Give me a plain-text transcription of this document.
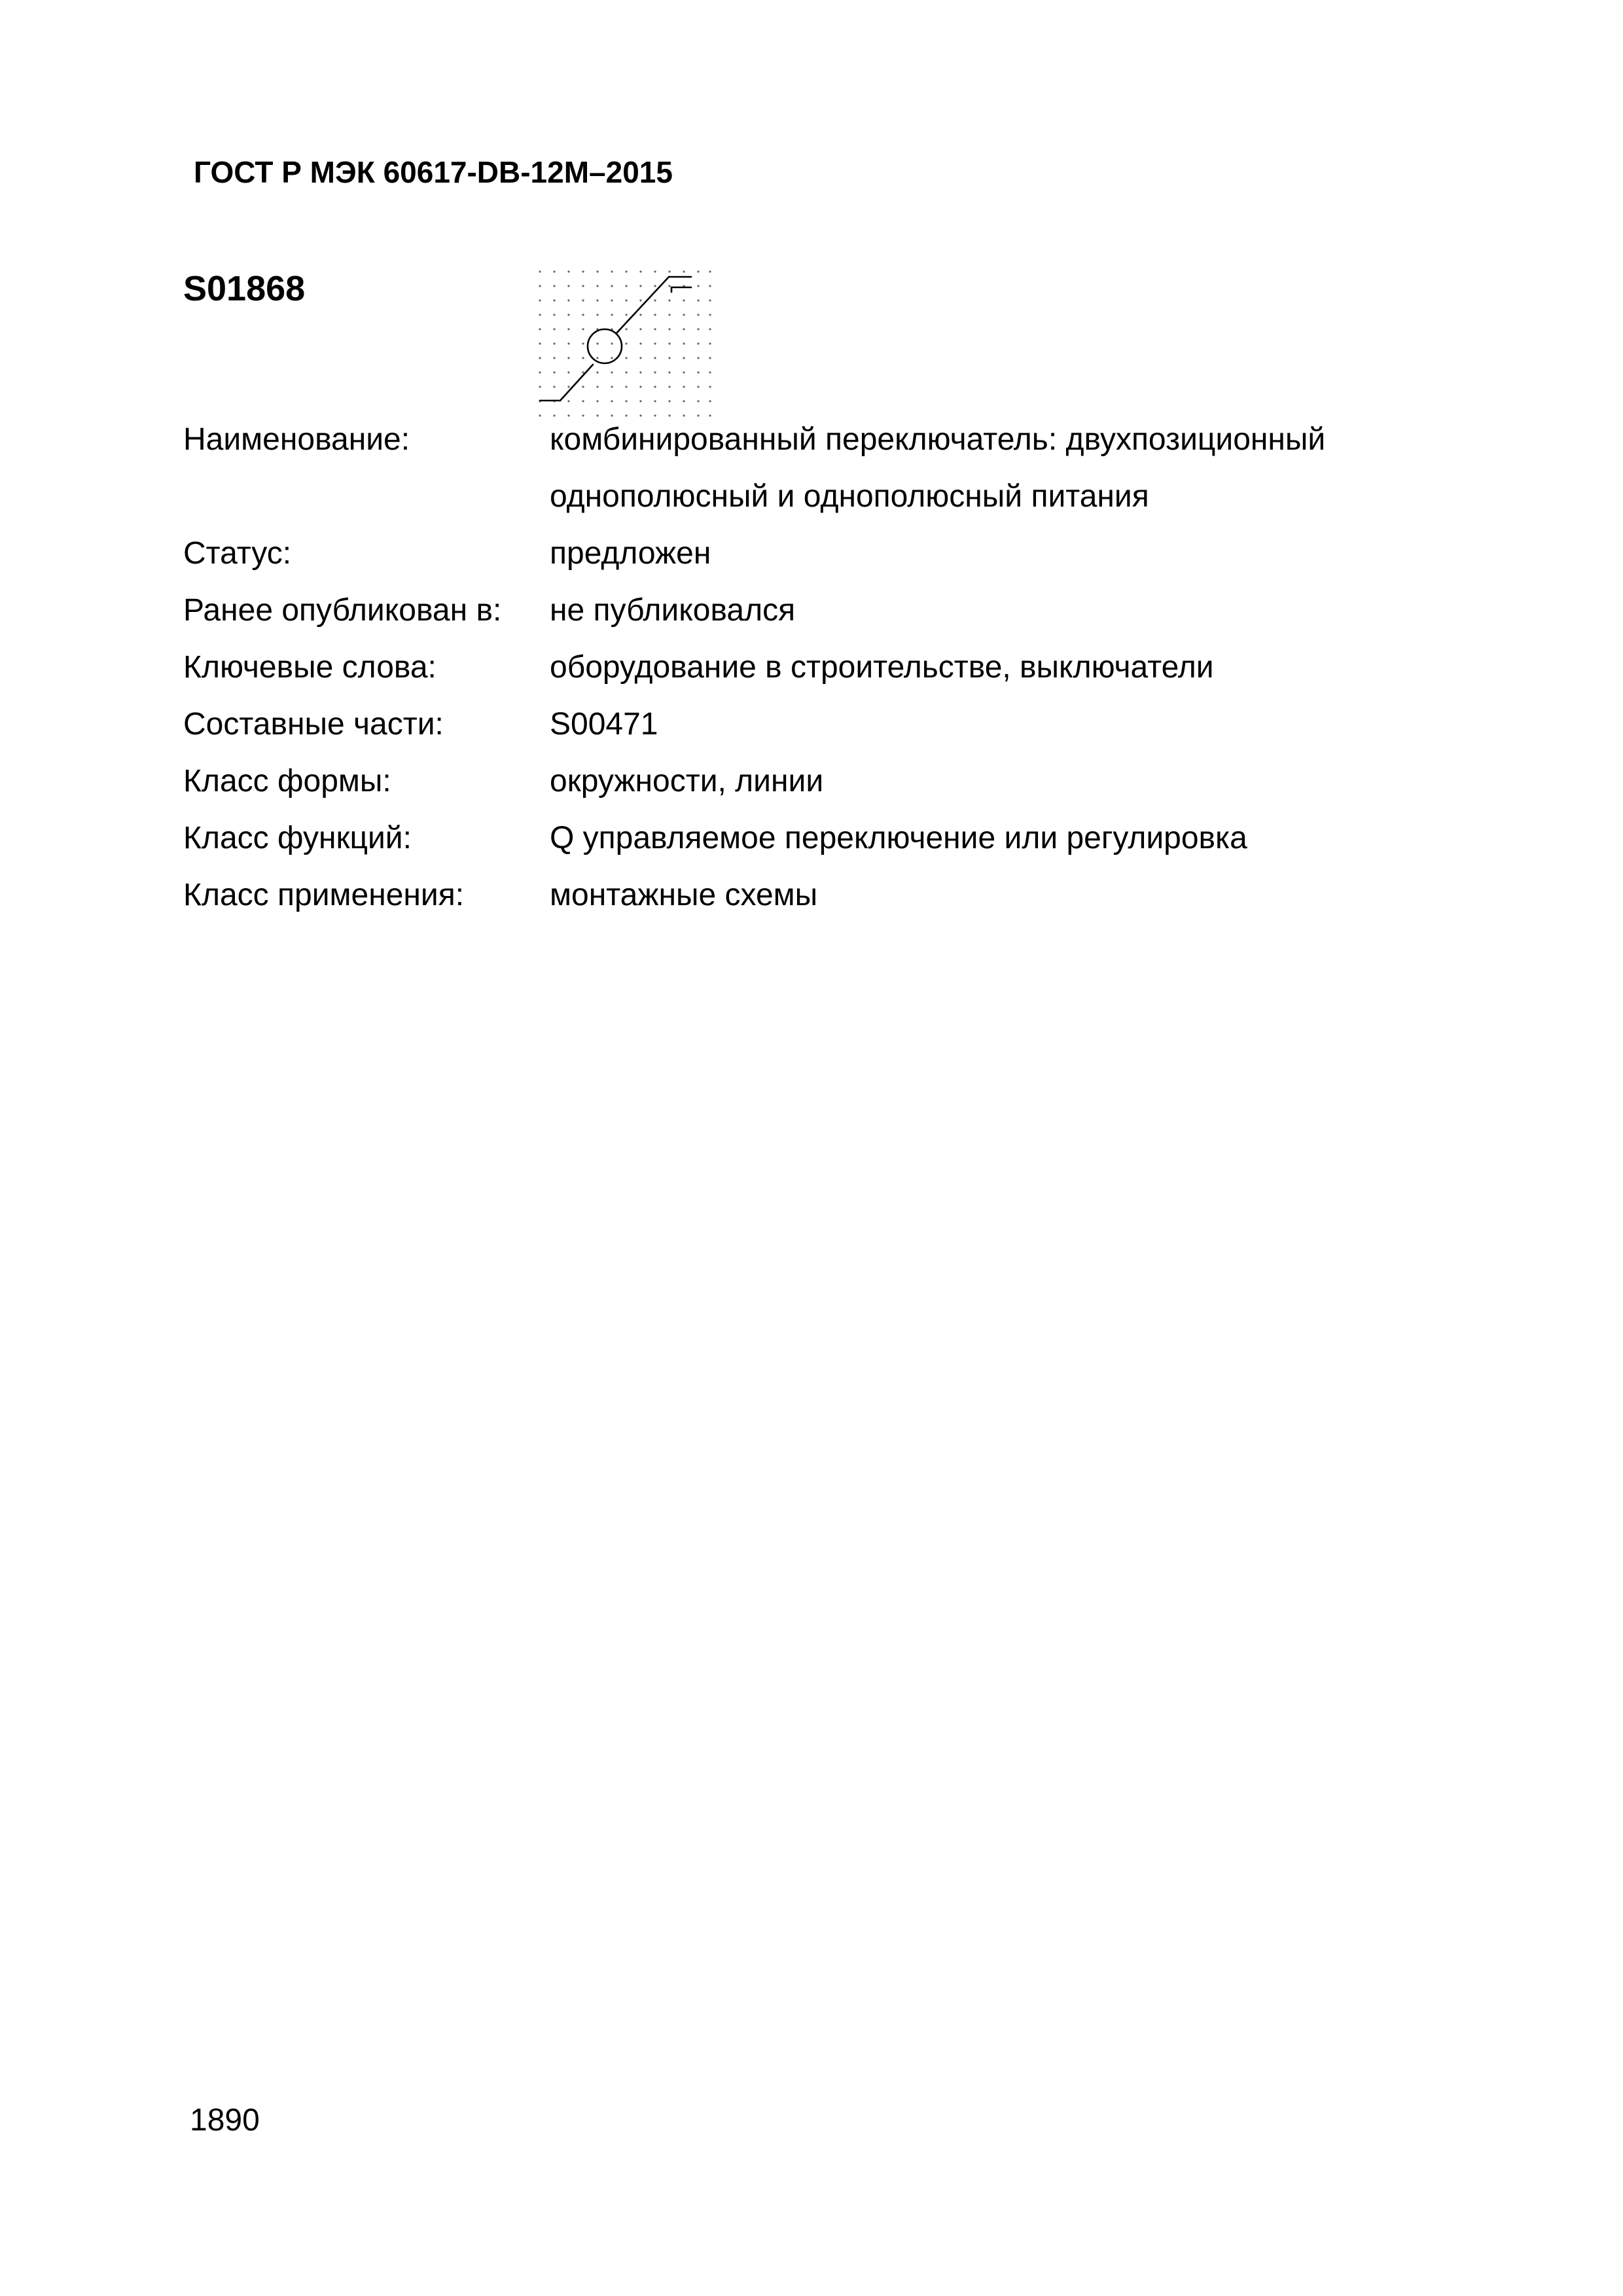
ГОСТ Р МЭК 60617-DB-12М–2015
S01868
Наименование:	комбинированный переключатель: двухпозиционный
однополюсный и однополюсный питания
Статус:	предложен
Ранее опубликован в: не публиковался
Ключевые слова:	оборудование в строительстве, выключатели
Составные части:	S00471
Класс формы:	окружности, линии
Класс функций:	Q управляемое переключение или регулировка
Класс применения:	монтажные схемы
1890
